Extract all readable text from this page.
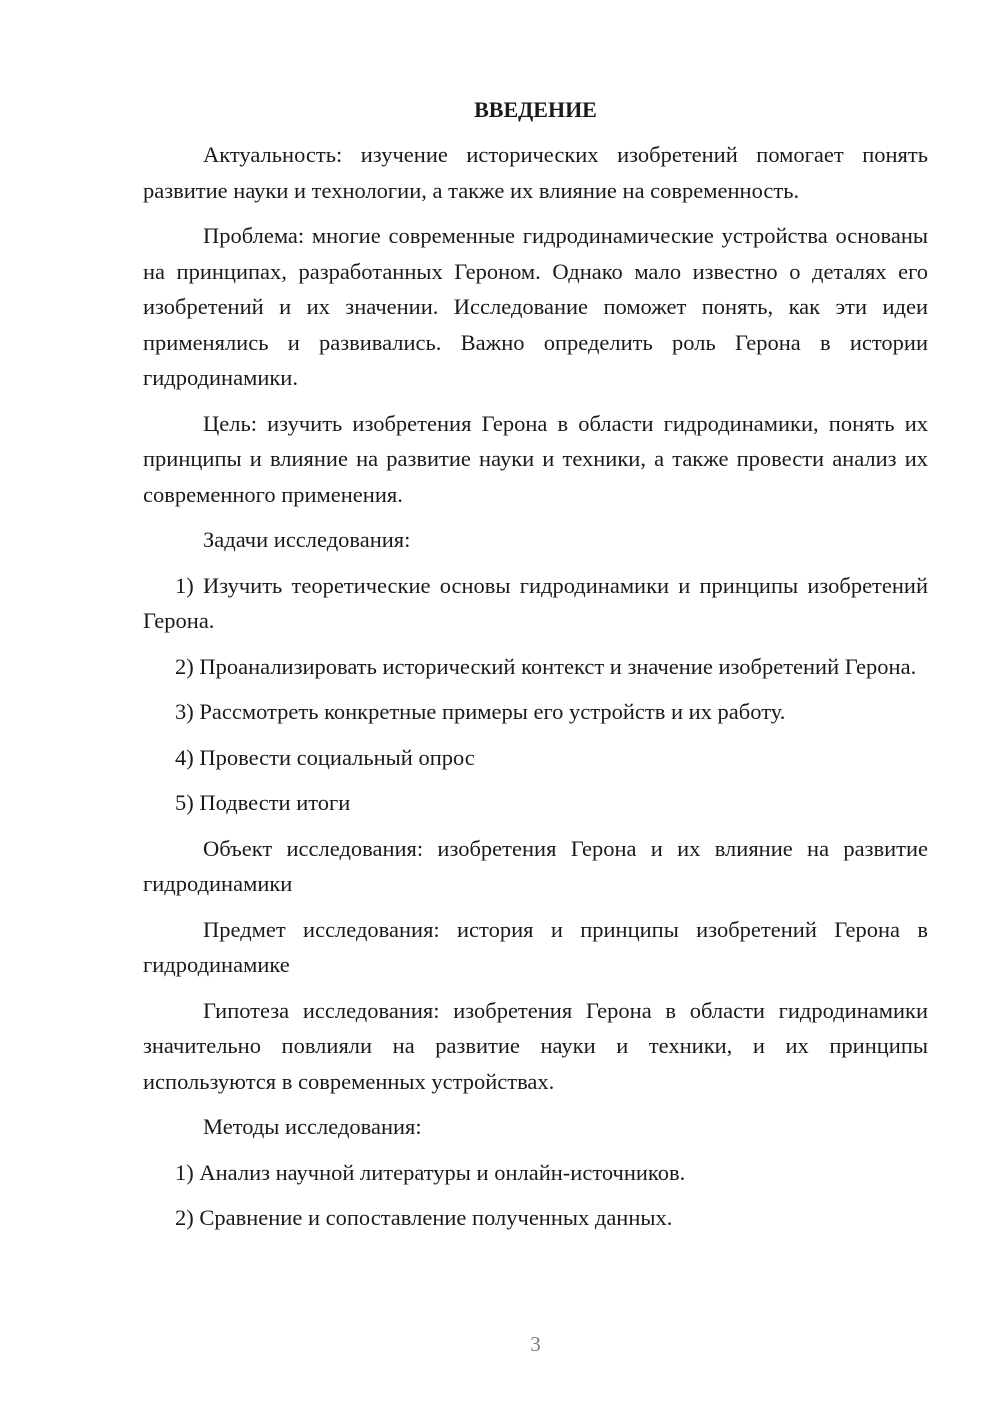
ВВЕДЕНИЕ

Актуальность: изучение исторических изобретений помогает понять развитие науки и технологии, а также их влияние на современность.

Проблема: многие современные гидродинамические устройства основаны на принципах, разработанных Героном. Однако мало известно о деталях его изобретений и их значении. Исследование поможет понять, как эти идеи применялись и развивались. Важно определить роль Герона в истории гидродинамики.

Цель: изучить изобретения Герона в области гидродинамики, понять их принципы и влияние на развитие науки и техники, а также провести анализ их современного применения.

Задачи исследования:

1) Изучить теоретические основы гидродинамики и принципы изобретений Герона.

2) Проанализировать исторический контекст и значение изобретений Герона.

3) Рассмотреть конкретные примеры его устройств и их работу.

4) Провести социальный опрос

5) Подвести итоги

Объект исследования: изобретения Герона и их влияние на развитие гидродинамики

Предмет исследования: история и принципы изобретений Герона в гидродинамике

Гипотеза исследования: изобретения Герона в области гидродинамики значительно повлияли на развитие науки и техники, и их принципы используются в современных устройствах.

Методы исследования:

1) Анализ научной литературы и онлайн-источников.

2) Сравнение и сопоставление полученных данных.

3
